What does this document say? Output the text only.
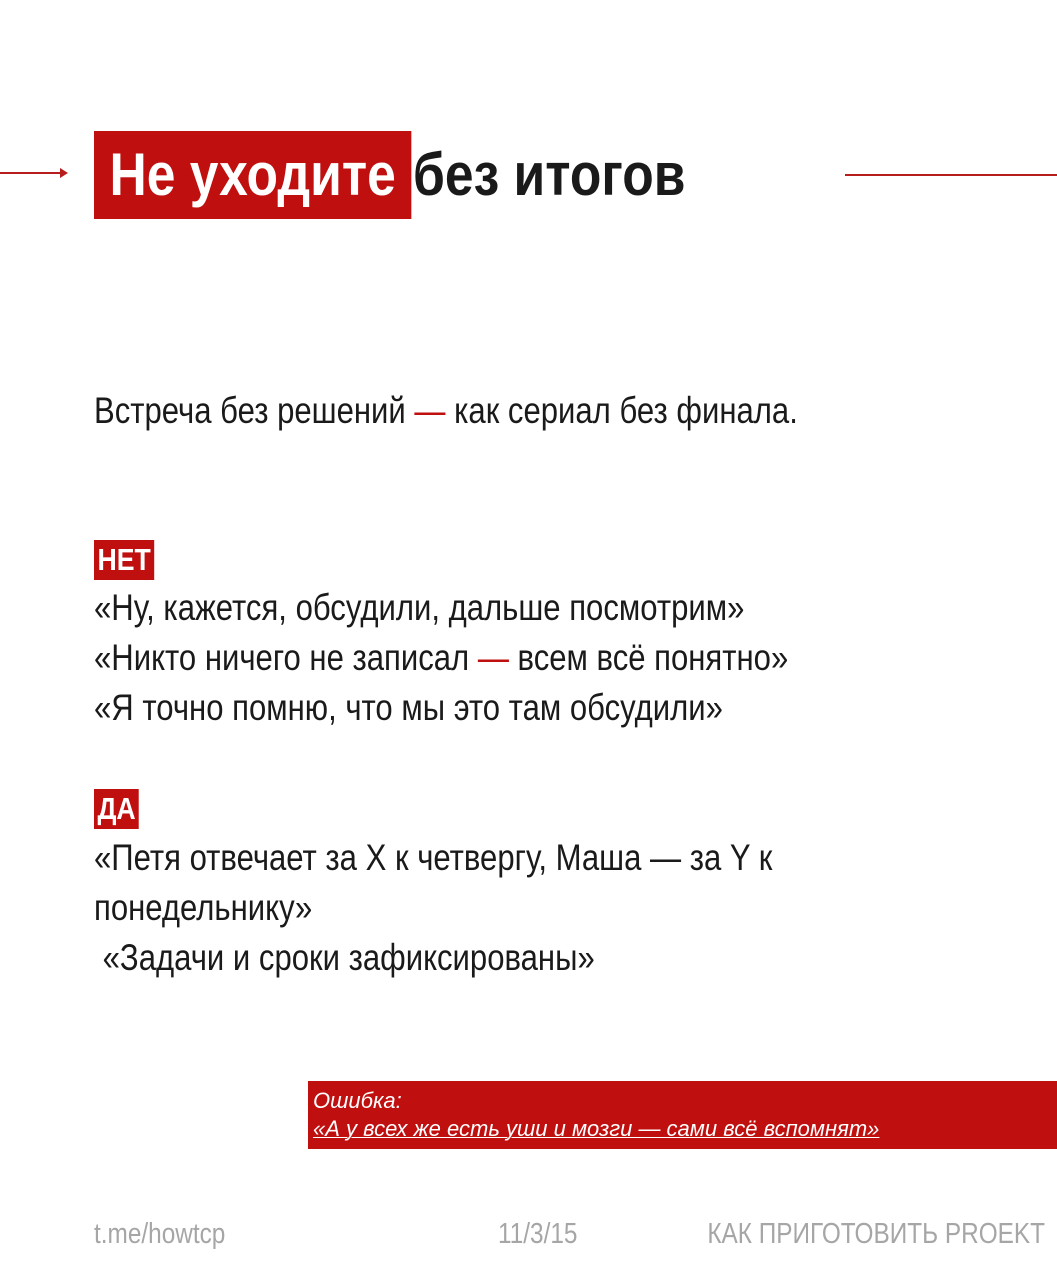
Не уходите без итогов
Встреча без решений — как сериал без финала.
НЕТ
«Ну, кажется, обсудили, дальше посмотрим»
«Никто ничего не записал — всем всё понятно»
«Я точно помню, что мы это там обсудили»
ДА
«Петя отвечает за X к четвергу, Маша — за Y к
понедельнику»
«Задачи и сроки зафиксированы»
Ошибка:
«А у всех же есть уши и мозги — сами всё вспомнят»
t.me/howtcp	11/3/15	КАК ПРИГОТОВИТЬ PROEKT
